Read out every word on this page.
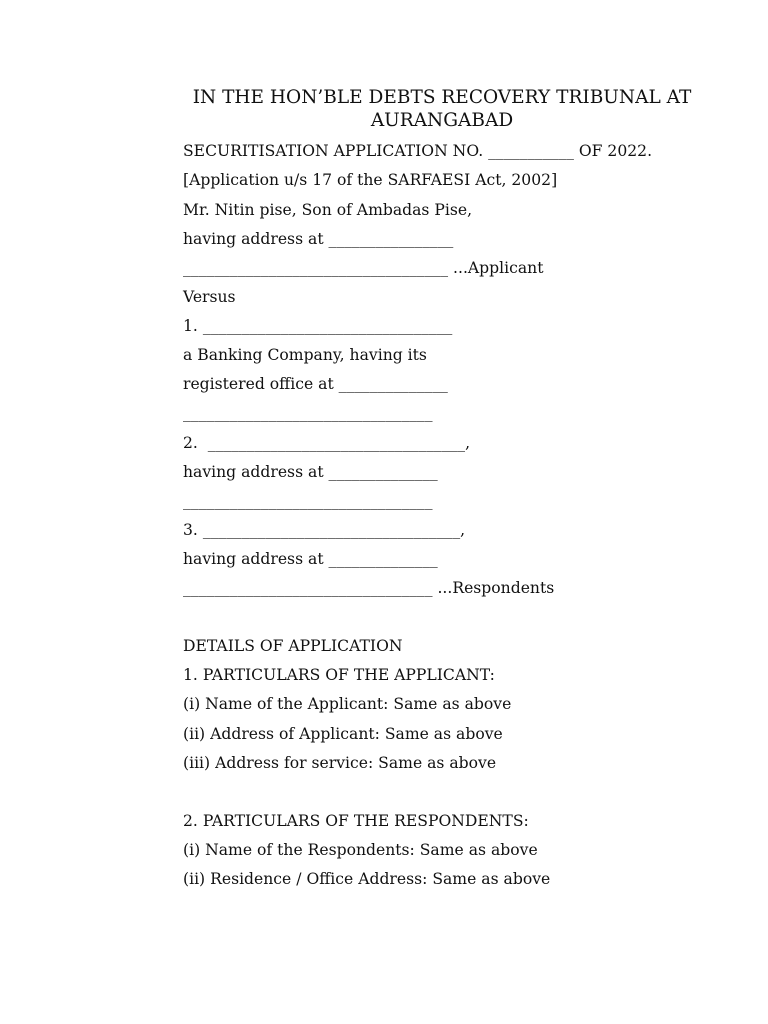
IN THE HON’BLE DEBTS RECOVERY TRIBUNAL AT
AURANGABAD
SECURITISATION APPLICATION NO. ___________ OF 2022.
[Application u/s 17 of the SARFAESI Act, 2002]
Mr. Nitin pise, Son of Ambadas Pise,
having address at ________________
__________________________________ ...Applicant
Versus
1. ________________________________
a Banking Company, having its
registered office at ______________
________________________________
2.  _________________________________,
having address at ______________
________________________________
3. _________________________________,
having address at ______________
________________________________ ...Respondents
DETAILS OF APPLICATION
1. PARTICULARS OF THE APPLICANT:
(i) Name of the Applicant: Same as above
(ii) Address of Applicant: Same as above
(iii) Address for service: Same as above
2. PARTICULARS OF THE RESPONDENTS:
(i) Name of the Respondents: Same as above
(ii) Residence / Office Address: Same as above
